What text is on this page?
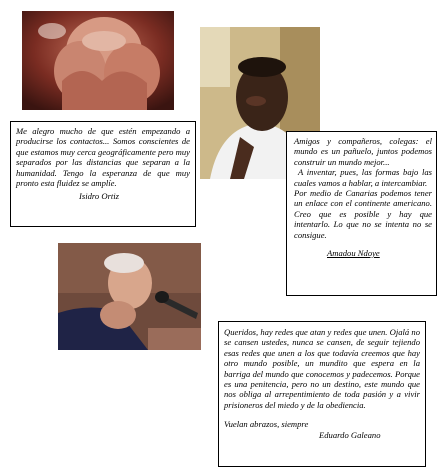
Me alegro mucho de que estén empezando a producirse los contactos... Somos conscientes de que estamos muy cerca geográficamente pero muy separados por las distancias que separan a la humanidad. Tengo la esperanza de que muy pronto esta fluidez se amplíe.

Isidro Ortiz

Amigos y compañeros, colegas: el mundo es un pañuelo, juntos podemos construir un mundo mejor...

A inventar, pues, las formas bajo las cuales vamos a hablar, a intercambiar.

Por medio de Canarias podemos tener un enlace con el continente americano. Creo que es posible y hay que intentarlo. Lo que no se intenta no se consigue.

Amadou Ndoye

Queridos, hay redes que atan y redes que unen. Ojalá no se cansen ustedes, nunca se cansen, de seguir tejiendo esas redes que unen a los que todavía creemos que hay otro mundo posible, un mundito que espera en la barriga del mundo que conocemos y padecemos. Porque es una penitencia, pero no un destino, este mundo que nos obliga al arrepentimiento de toda pasión y a vivir prisioneros del miedo y de la obediencia.

Vuelan abrazos, siempre

Eduardo Galeano
